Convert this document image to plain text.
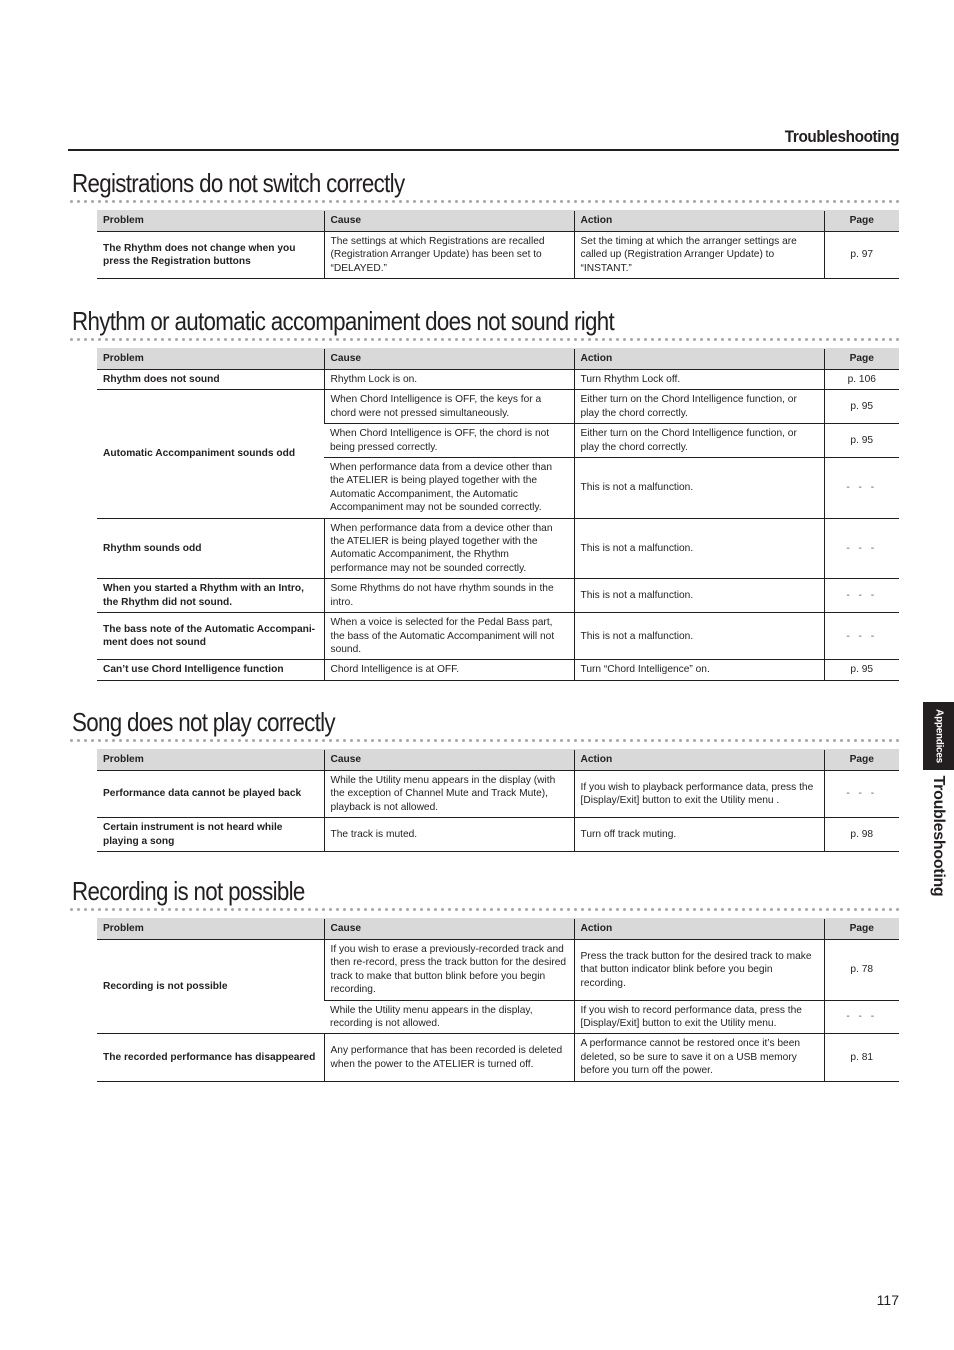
Troubleshooting
Registrations do not switch correctly
Problem	Cause	Action	Page
The Rhythm does not change when you press the Registration buttons	The settings at which Registrations are recalled (Registration Arranger Update) has been set to “DELAYED.”	Set the timing at which the arranger settings are called up (Registration Arranger Update) to “INSTANT.”	p. 97
Rhythm or automatic accompaniment does not sound right
Problem	Cause	Action	Page
Rhythm does not sound	Rhythm Lock is on.	Turn Rhythm Lock off.	p. 106
Automatic Accompaniment sounds odd	When Chord Intelligence is OFF, the keys for a chord were not pressed simultaneously.	Either turn on the Chord Intelligence function, or play the chord correctly.	p. 95
	When Chord Intelligence is OFF, the chord is not being pressed correctly.	Either turn on the Chord Intelligence function, or play the chord correctly.	p. 95
	When performance data from a device other than the ATELIER is being played together with the Automatic Accompaniment, the Automatic Accompaniment may not be sounded correctly.	This is not a malfunction.	- - -
Rhythm sounds odd	When performance data from a device other than the ATELIER is being played together with the Automatic Accompaniment, the Rhythm performance may not be sounded correctly.	This is not a malfunction.	- - -
When you started a Rhythm with an Intro, the Rhythm did not sound.	Some Rhythms do not have rhythm sounds in the intro.	This is not a malfunction.	- - -
The bass note of the Automatic Accompani-ment does not sound	When a voice is selected for the Pedal Bass part, the bass of the Automatic Accompaniment will not sound.	This is not a malfunction.	- - -
Can’t use Chord Intelligence function	Chord Intelligence is at OFF.	Turn “Chord Intelligence” on.	p. 95
Song does not play correctly
Problem	Cause	Action	Page
Performance data cannot be played back	While the Utility menu appears in the display (with the exception of Channel Mute and Track Mute), playback is not allowed.	If you wish to playback performance data, press the [Display/Exit] button to exit the Utility menu .	- - -
Certain instrument is not heard while playing a song	The track is muted.	Turn off track muting.	p. 98
Recording is not possible
Problem	Cause	Action	Page
Recording is not possible	If you wish to erase a previously-recorded track and then re-record, press the track button for the desired track to make that button blink before you begin recording.	Press the track button for the desired track to make that button indicator blink before you begin recording.	p. 78
	While the Utility menu appears in the display, recording is not allowed.	If you wish to record performance data, press the [Display/Exit] button to exit the Utility menu.	- - -
The recorded performance has disappeared	Any performance that has been recorded is deleted when the power to the ATELIER is turned off.	A performance cannot be restored once it’s been deleted, so be sure to save it on a USB memory before you turn off the power.	p. 81
Appendices
Troubleshooting
117
